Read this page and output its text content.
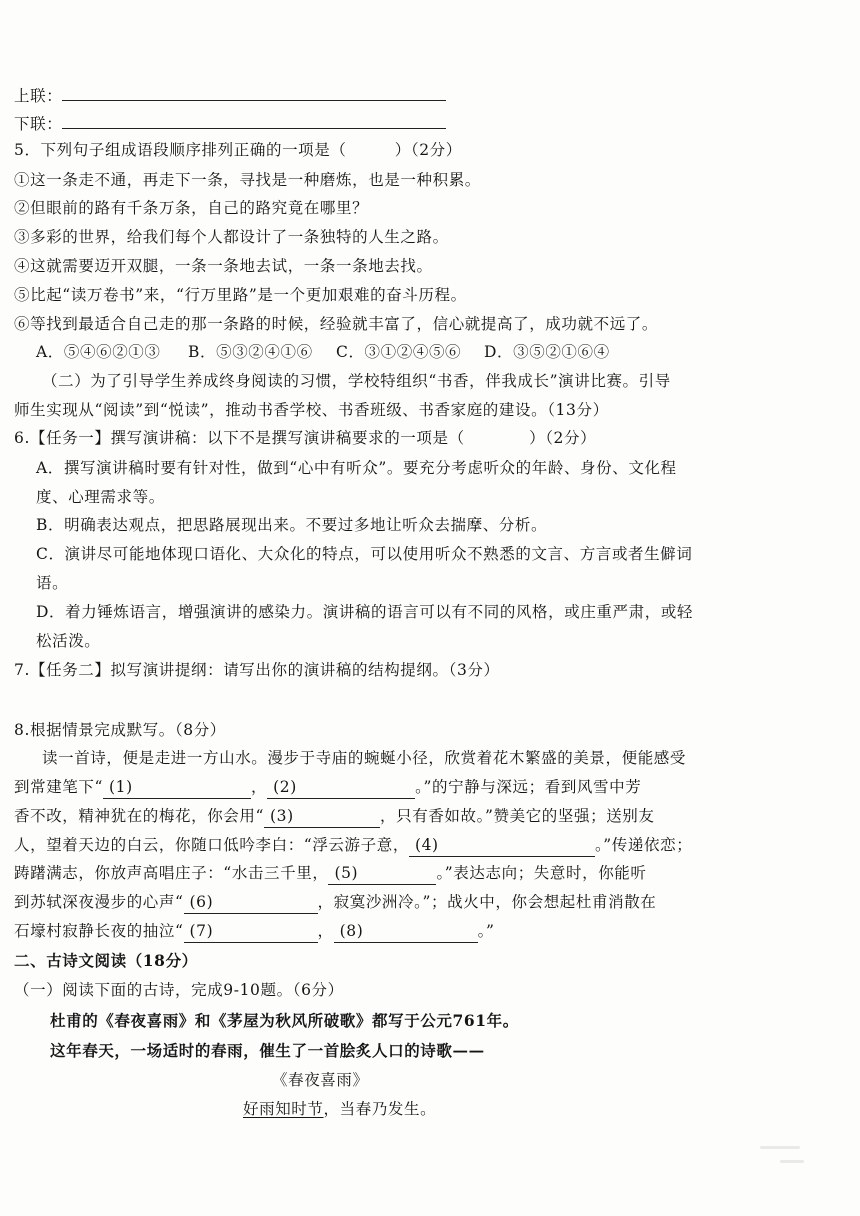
上联：
下联：
5．下列句子组成语段顺序排列正确的一项是（　　　）（2分）
①这一条走不通，再走下一条，寻找是一种磨炼，也是一种积累。
②但眼前的路有千条万条，自己的路究竟在哪里？
③多彩的世界，给我们每个人都设计了一条独特的人生之路。
④这就需要迈开双腿，一条一条地去试，一条一条地去找。
⑤比起“读万卷书”来，“行万里路”是一个更加艰难的奋斗历程。
⑥等找到最适合自己走的那一条路的时候，经验就丰富了，信心就提高了，成功就不远了。
A．⑤④⑥②①③ B．⑤③②④①⑥ C．③①②④⑤⑥ D．③⑤②①⑥④
（二）为了引导学生养成终身阅读的习惯，学校特组织“书香，伴我成长”演讲比赛。引导
师生实现从“阅读”到“悦读”，推动书香学校、书香班级、书香家庭的建设。（13分）
6.【任务一】撰写演讲稿：以下不是撰写演讲稿要求的一项是（　　　　）（2分）
A．撰写演讲稿时要有针对性，做到“心中有听众”。要充分考虑听众的年龄、身份、文化程
度、心理需求等。
B．明确表达观点，把思路展现出来。不要过多地让听众去揣摩、分析。
C．演讲尽可能地体现口语化、大众化的特点，可以使用听众不熟悉的文言、方言或者生僻词
语。
D．着力锤炼语言，增强演讲的感染力。演讲稿的语言可以有不同的风格，或庄重严肃，或轻
松活泼。
7.【任务二】拟写演讲提纲：请写出你的演讲稿的结构提纲。（3分）
8.根据情景完成默写。（8分）
读一首诗，便是走进一方山水。漫步于寺庙的蜿蜒小径，欣赏着花木繁盛的美景，便能感受
到常建笔下“ (1)	， (2)	。”的宁静与深远；看到风雪中芳
香不改，精神犹在的梅花，你会用“ (3)	，只有香如故。”赞美它的坚强；送别友
人，望着天边的白云，你随口低吟李白：“浮云游子意， (4)	。”传递依恋；
踌躇满志，你放声高唱庄子：“水击三千里， (5)	。”表达志向；失意时，你能听
到苏轼深夜漫步的心声“ (6)	，寂寞沙洲冷。”；战火中，你会想起杜甫消散在
石壕村寂静长夜的抽泣“ (7)	， (8)	。”
二、古诗文阅读（18分）
（一）阅读下面的古诗，完成9-10题。（6分）
杜甫的《春夜喜雨》和《茅屋为秋风所破歌》都写于公元761年。
这年春天，一场适时的春雨，催生了一首脍炙人口的诗歌——
《春夜喜雨》
好雨知时节，当春乃发生。
